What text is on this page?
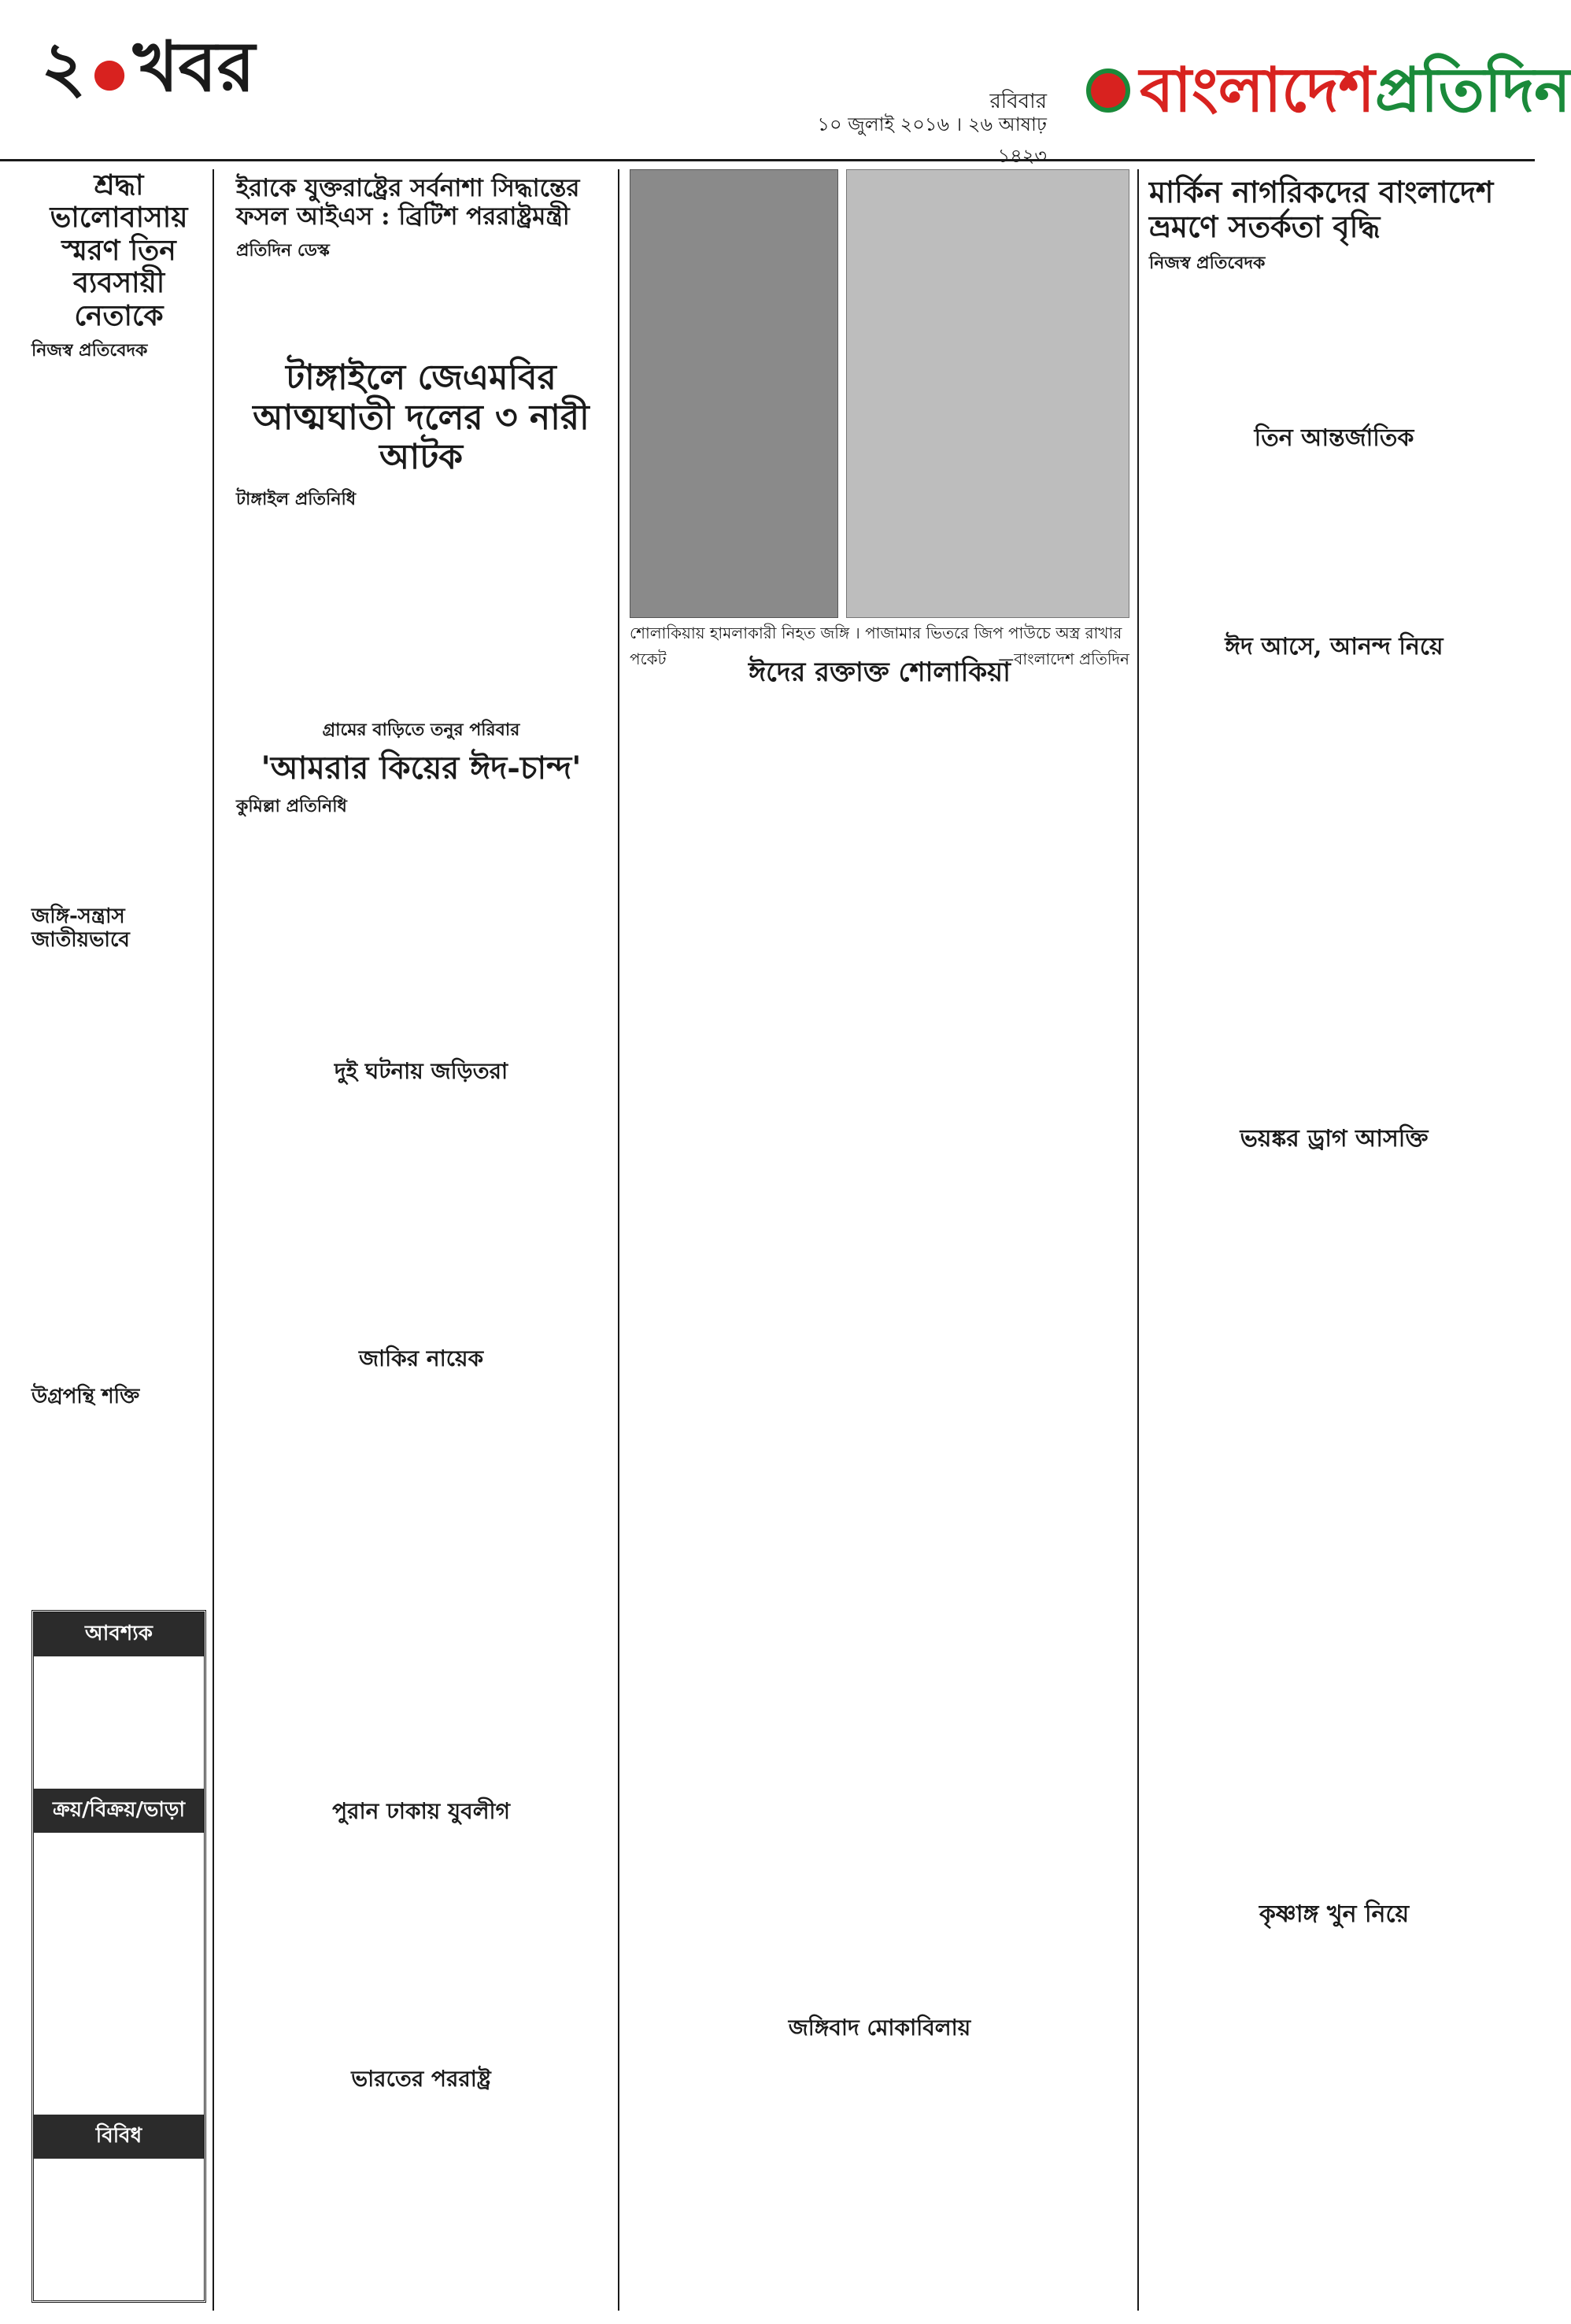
২ ●খবর	রবিবার
১০ জুলাই ২০১৬ । ২৬ আষাঢ় ১৪২৩
বাংলাদেশ প্রতিদিন
শ্রদ্ধা ভালোবাসায় স্মরণ তিন ব্যবসায়ী নেতাকে
নিজস্ব প্রতিবেদক
জঙ্গি-সন্ত্রাস জাতীয়ভাবে
উগ্রপন্থি শক্তি
আবশ্যক
ক্রয়/বিক্রয়/ভাড়া
বিবিধ
ইরাকে যুক্তরাষ্ট্রের সর্বনাশা সিদ্ধান্তের ফসল আইএস : ব্রিটিশ পররাষ্ট্রমন্ত্রী
প্রতিদিন ডেস্ক
টাঙ্গাইলে জেএমবির আত্মঘাতী দলের ৩ নারী আটক
টাঙ্গাইল প্রতিনিধি
গ্রামের বাড়িতে তনুর পরিবার
'আমরার কিয়ের ঈদ-চান্দ'
কুমিল্লা প্রতিনিধি
দুই ঘটনায় জড়িতরা
জাকির নায়েক
পুরান ঢাকায় যুবলীগ
ভারতের পররাষ্ট্র
শোলাকিয়ায় হামলাকারী নিহত জঙ্গি । পাজামার ভিতরে জিপ পাউচে অস্ত্র রাখার পকেট	—বাংলাদেশ প্রতিদিন
ঈদের রক্তাক্ত শোলাকিয়া
জঙ্গিবাদ মোকাবিলায়
মার্কিন নাগরিকদের বাংলাদেশ ভ্রমণে সতর্কতা বৃদ্ধি
নিজস্ব প্রতিবেদক
তিন আন্তর্জাতিক
ঈদ আসে, আনন্দ নিয়ে
ভয়ঙ্কর ড্রাগ আসক্তি
কৃষ্ণাঙ্গ খুন নিয়ে
